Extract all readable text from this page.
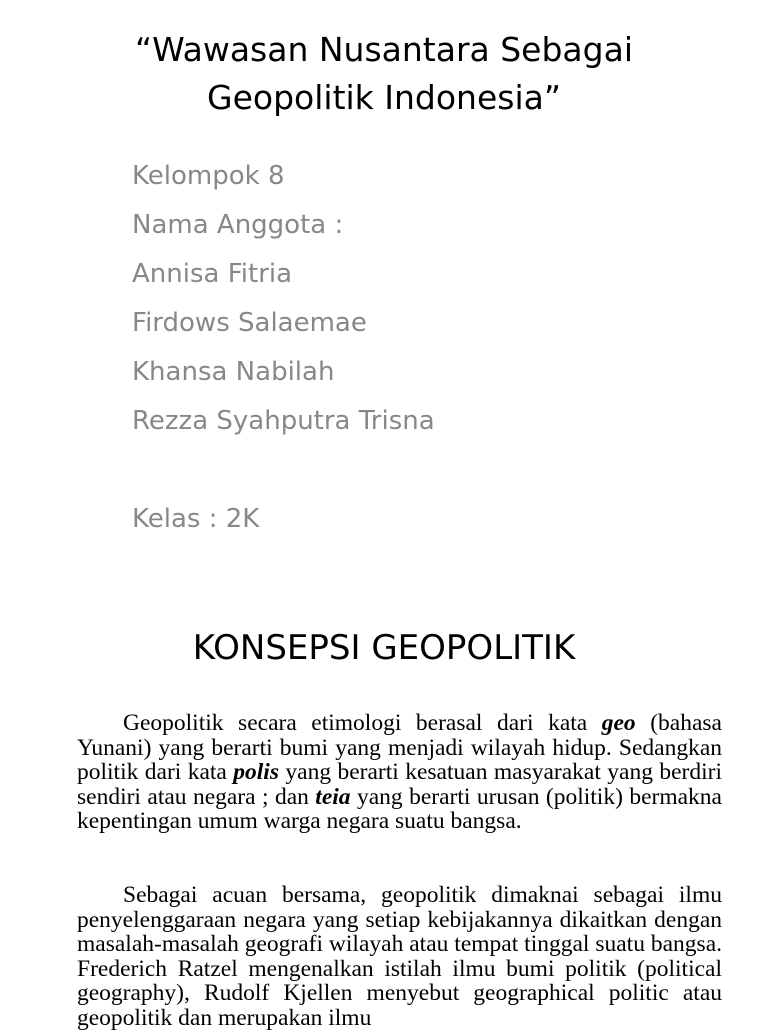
“Wawasan Nusantara Sebagai
Geopolitik Indonesia”
Kelompok 8
Nama Anggota :
Annisa Fitria
Firdows Salaemae
Khansa Nabilah
Rezza Syahputra Trisna
Kelas : 2K
KONSEPSI GEOPOLITIK

Geopolitik secara etimologi berasal dari kata geo (bahasa Yunani) yang berarti bumi yang menjadi wilayah hidup. Sedangkan politik dari kata polis yang berarti kesatuan masyarakat yang berdiri sendiri atau negara ; dan teia yang berarti urusan (politik) bermakna kepentingan umum warga negara suatu bangsa.

Sebagai acuan bersama, geopolitik dimaknai sebagai ilmu penyelenggaraan negara yang setiap kebijakannya dikaitkan dengan masalah-masalah geografi wilayah atau tempat tinggal suatu bangsa. Frederich Ratzel mengenalkan istilah ilmu bumi politik (political geography), Rudolf Kjellen menyebut geographical politic atau geopolitik dan merupakan ilmu
